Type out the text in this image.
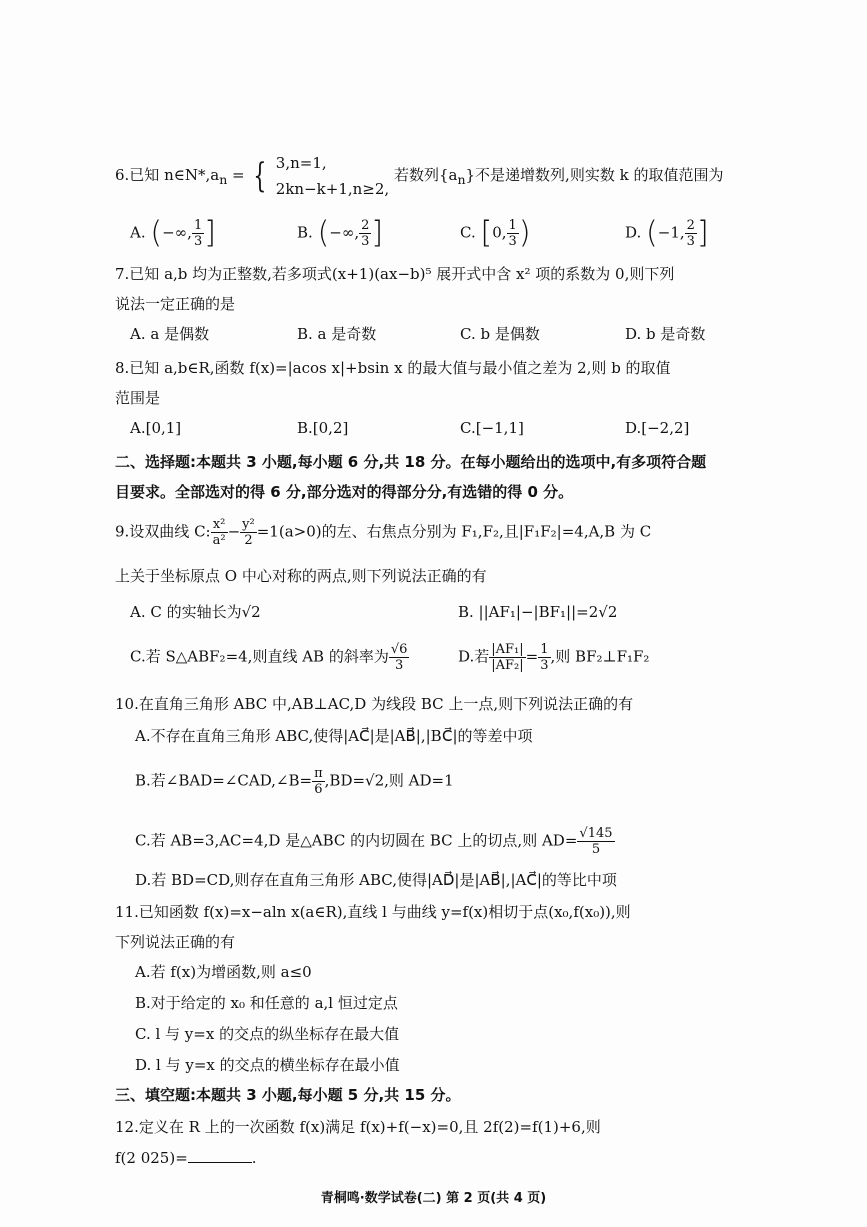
6.已知 $n\in N*,a_n$ = { 3,n=1,
2kn−k+1,n≥2,
若数列$\{a_n\}$不是递增数列,则实数 k 的取值范围为
A. (−∞, $\frac{1}{3}$ ]	B. (−∞, $\frac{2}{3}$ ]	C. [0, $\frac{1}{3}$ )	D. (−1, $\frac{2}{3}$ ]
7.已知 a,b 均为正整数,若多项式(x+1)(ax−b)⁵ 展开式中含 x² 项的系数为 0,则下列
说法一定正确的是
A. a 是偶数	B. a 是奇数	C. b 是偶数	D. b 是奇数
8.已知 a,b∈R,函数 f(x)=|acos x|+bsin x 的最大值与最小值之差为 2,则 b 的取值
范围是
A.[0,1]	B.[0,2]	C.[−1,1]	D.[−2,2]
二、选择题:本题共 3 小题,每小题 6 分,共 18 分。在每小题给出的选项中,有多项符合题
目要求。全部选对的得 6 分,部分选对的得部分分,有选错的得 0 分。
9.设双曲线 C: $\frac{\text{x²}}{\text{a²}} - \frac{\text{y²}}{2} =1(a>0)$的左、右焦点分别为 F₁,F₂,且|F₁F₂|=4,A,B 为 C
上关于坐标原点 O 中心对称的两点,则下列说法正确的有
A. C 的实轴长为√2	B. ||AF₁|−|BF₁||=2√2
C.若 S△ABF₂=4,则直线 AB 的斜率为 $\frac{√6}{3}$	D.若 $\frac{\text{|AF₁|}}{\text{|AF₂|}} = \frac{1}{3}$ ,则 BF₂⊥F₁F₂
10.在直角三角形 ABC 中,AB⊥AC,D 为线段 BC 上一点,则下列说法正确的有
A.不存在直角三角形 ABC,使得|AC⃗|是|AB⃗|,|BC⃗|的等差中项
B.若∠BAD=∠CAD,∠B= $\frac{\pi}{6} ,BD=√2$,则 AD=1
C.若 AB=3,AC=4,D 是△ABC 的内切圆在 BC 上的切点,则 $AD= \frac{√145}{5}$
D.若 BD=CD,则存在直角三角形 ABC,使得|AD⃗|是|AB⃗|,|AC⃗|的等比中项
11.已知函数 f(x)=x−aln x(a∈R),直线 l 与曲线 y=f(x)相切于点(x₀,f(x₀)),则
下列说法正确的有
A.若 f(x)为增函数,则 a≤0
B.对于给定的 x₀ 和任意的 a,l 恒过定点
C. l 与 y=x 的交点的纵坐标存在最大值
D. l 与 y=x 的交点的横坐标存在最小值
三、填空题:本题共 3 小题,每小题 5 分,共 15 分。
12.定义在 R 上的一次函数 f(x)满足 f(x)+f(−x)=0,且 2f(2)=f(1)+6,则
f(2 025)=	.
青桐鸣·数学试卷(二) 第 2 页(共 4 页)
